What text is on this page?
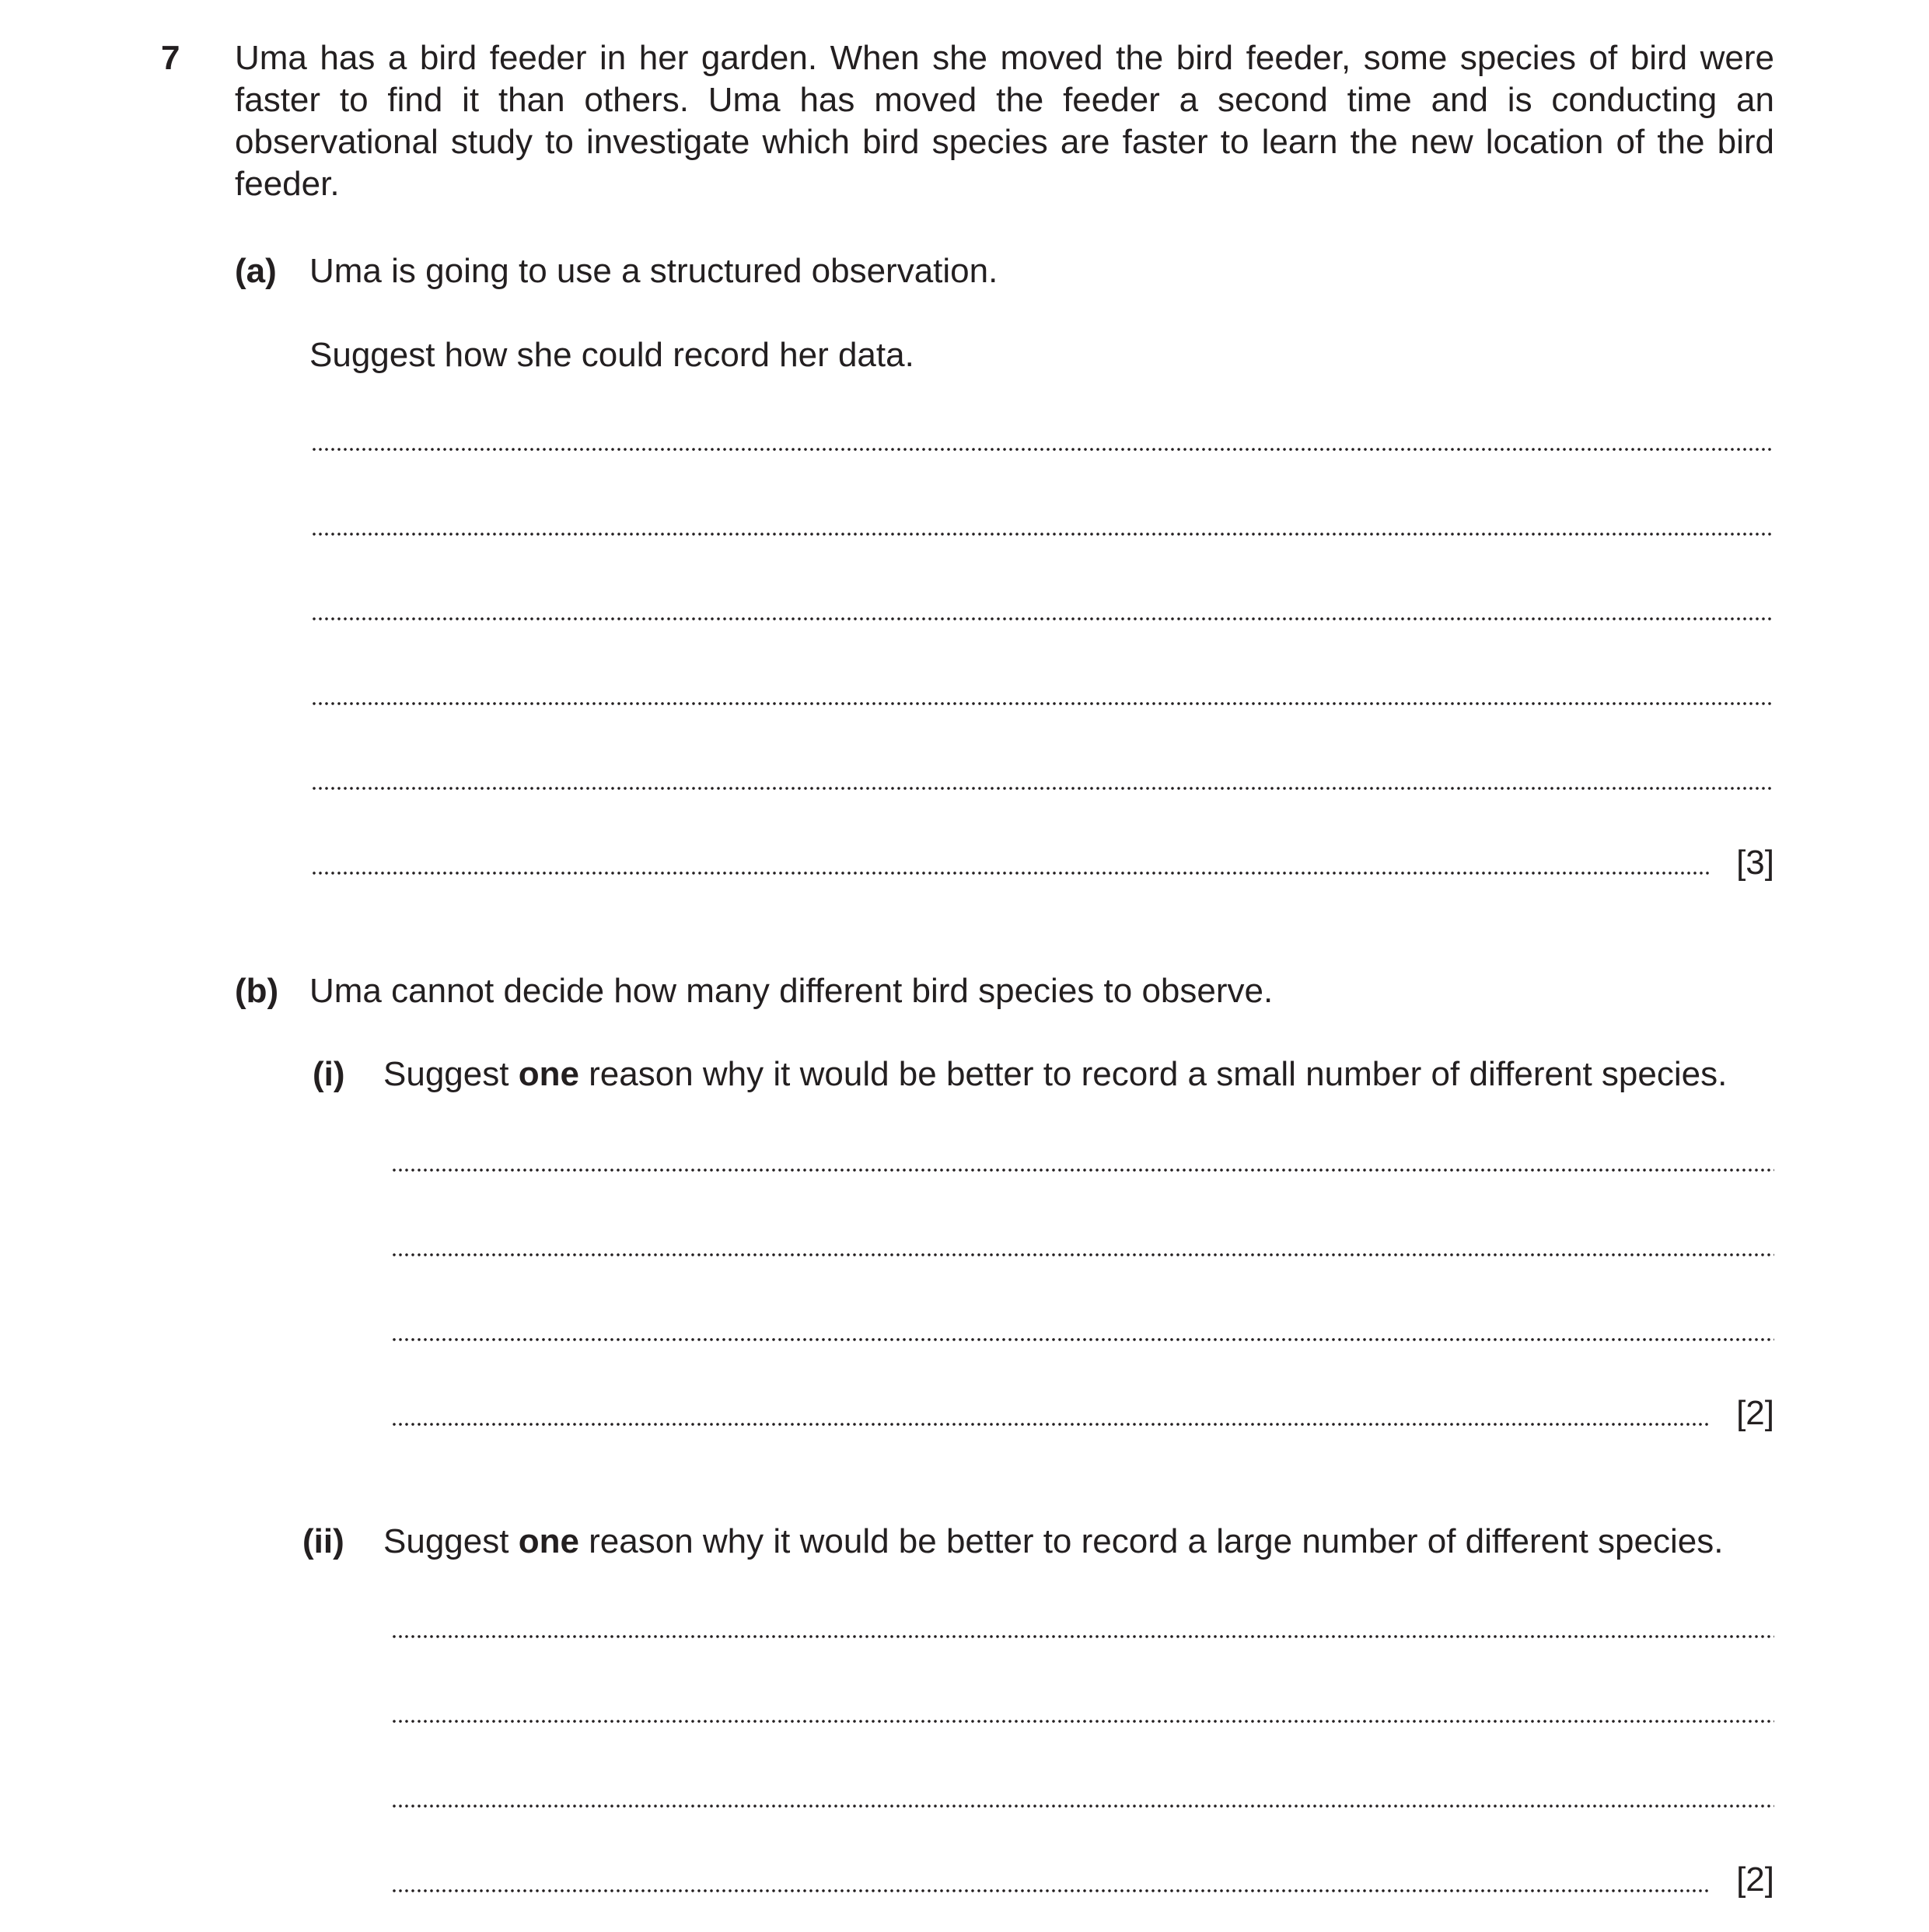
7 Uma has a bird feeder in her garden. When she moved the bird feeder, some species of bird were faster to find it than others. Uma has moved the feeder a second time and is conducting an observational study to investigate which bird species are faster to learn the new location of the bird feeder.

(a) Uma is going to use a structured observation.

Suggest how she could record her data.

[3]
(b) Uma cannot decide how many different bird species to observe.

(i) Suggest one reason why it would be better to record a small number of different species.

[2]
(ii) Suggest one reason why it would be better to record a large number of different species.

[2]
